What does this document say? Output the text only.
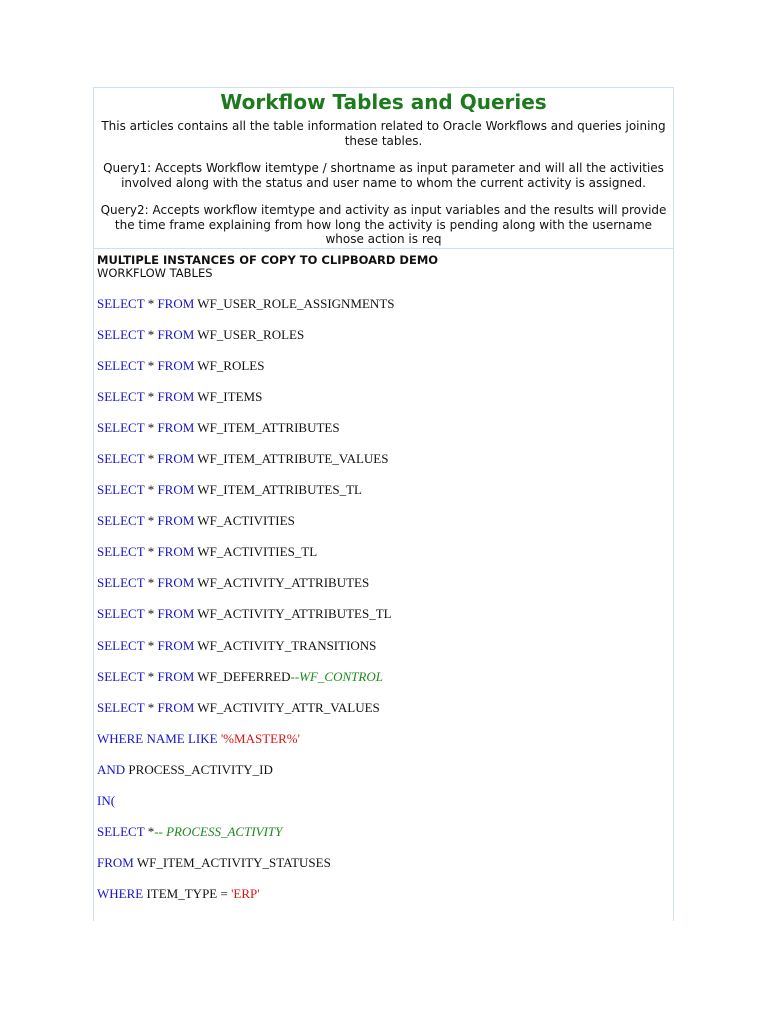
Workflow Tables and Queries

This articles contains all the table information related to Oracle Workflows and queries joining these tables.

Query1: Accepts Workflow itemtype / shortname as input parameter and will all the activities involved along with the status and user name to whom the current activity is assigned.

Query2: Accepts workflow itemtype and activity as input variables and the results will provide the time frame explaining from how long the activity is pending along with the username whose action is req

MULTIPLE INSTANCES OF COPY TO CLIPBOARD DEMO

WORKFLOW TABLES

SELECT * FROM WF_USER_ROLE_ASSIGNMENTS
SELECT * FROM WF_USER_ROLES
SELECT * FROM WF_ROLES
SELECT * FROM WF_ITEMS
SELECT * FROM WF_ITEM_ATTRIBUTES
SELECT * FROM WF_ITEM_ATTRIBUTE_VALUES
SELECT * FROM WF_ITEM_ATTRIBUTES_TL
SELECT * FROM WF_ACTIVITIES
SELECT * FROM WF_ACTIVITIES_TL
SELECT * FROM WF_ACTIVITY_ATTRIBUTES
SELECT * FROM WF_ACTIVITY_ATTRIBUTES_TL
SELECT * FROM WF_ACTIVITY_TRANSITIONS
SELECT * FROM WF_DEFERRED--WF_CONTROL
SELECT * FROM WF_ACTIVITY_ATTR_VALUES
WHERE NAME LIKE '%MASTER%'
AND PROCESS_ACTIVITY_ID
IN(
SELECT *-- PROCESS_ACTIVITY
FROM WF_ITEM_ACTIVITY_STATUSES
WHERE ITEM_TYPE = 'ERP'
